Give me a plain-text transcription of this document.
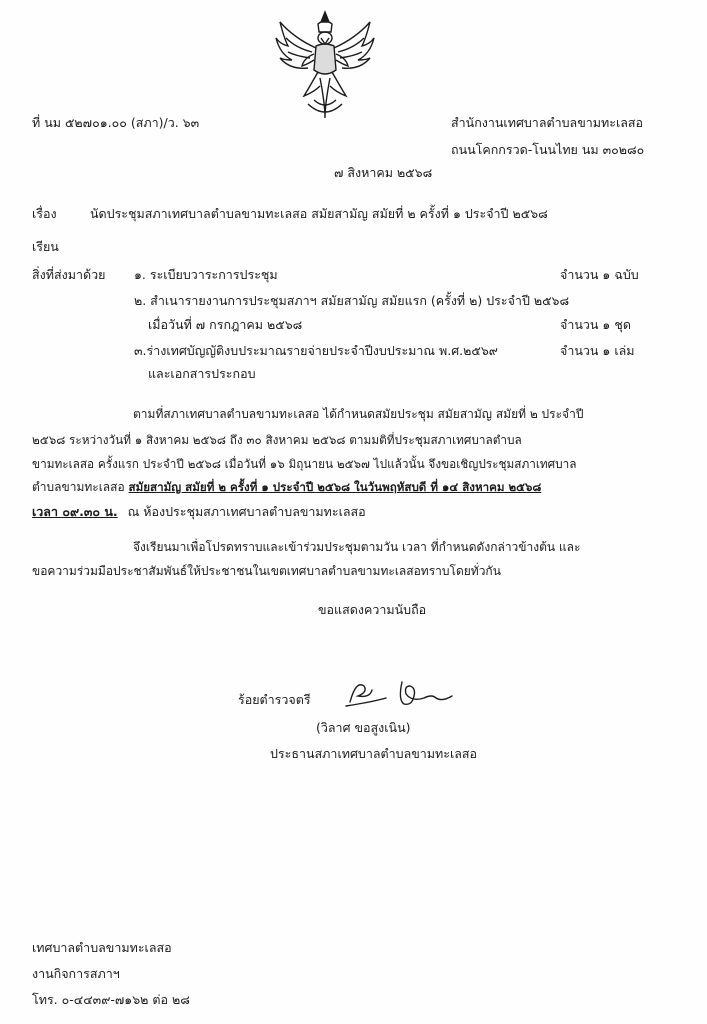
ที่ นม ๕๒๗๐๑.๐๐ (สภา)/ว. ๖๓	สำนักงานเทศบาลตำบลขามทะเลสอ
ถนนโคกกรวด-โนนไทย นม ๓๐๒๘๐
๗ สิงหาคม ๒๕๖๘
เรื่อง	นัดประชุมสภาเทศบาลตำบลขามทะเลสอ สมัยสามัญ สมัยที่ ๒ ครั้งที่ ๑ ประจำปี ๒๕๖๘
เรียน
สิ่งที่ส่งมาด้วย ๑. ระเบียบวาระการประชุม	จำนวน ๑ ฉบับ
๒. สำเนารายงานการประชุมสภาฯ สมัยสามัญ สมัยแรก (ครั้งที่ ๒) ประจำปี ๒๕๖๘
เมื่อวันที่ ๗ กรกฎาคม ๒๕๖๘	จำนวน ๑ ชุด
๓.ร่างเทศบัญญัติงบประมาณรายจ่ายประจำปีงบประมาณ พ.ศ.๒๕๖๙	จำนวน ๑ เล่ม
และเอกสารประกอบ
ตามที่สภาเทศบาลตำบลขามทะเลสอ ได้กำหนดสมัยประชุม สมัยสามัญ สมัยที่ ๒ ประจำปี
๒๕๖๘ ระหว่างวันที่ ๑ สิงหาคม ๒๕๖๘ ถึง ๓๐ สิงหาคม ๒๕๖๘ ตามมติที่ประชุมสภาเทศบาลตำบล
ขามทะเลสอ ครั้งแรก ประจำปี ๒๕๖๘ เมื่อวันที่ ๑๖ มิถุนายน ๒๕๖๗ ไปแล้วนั้น จึงขอเชิญประชุมสภาเทศบาล
ตำบลขามทะเลสอ สมัยสามัญ สมัยที่ ๒ ครั้งที่ ๑ ประจำปี ๒๕๖๘ ในวันพฤหัสบดี ที่ ๑๔ สิงหาคม ๒๕๖๘
เวลา ๐๙.๓๐ น. ณ ห้องประชุมสภาเทศบาลตำบลขามทะเลสอ
จึงเรียนมาเพื่อโปรดทราบและเข้าร่วมประชุมตามวัน เวลา ที่กำหนดดังกล่าวข้างต้น และ
ขอความร่วมมือประชาสัมพันธ์ให้ประชาชนในเขตเทศบาลตำบลขามทะเลสอทราบโดยทั่วกัน
ขอแสดงความนับถือ
ร้อยตำรวจตรี
(วิลาศ ขอสูงเนิน)
ประธานสภาเทศบาลตำบลขามทะเลสอ
เทศบาลตำบลขามทะเลสอ
งานกิจการสภาฯ
โทร. ๐-๔๔๓๙-๗๑๖๒ ต่อ ๒๘
